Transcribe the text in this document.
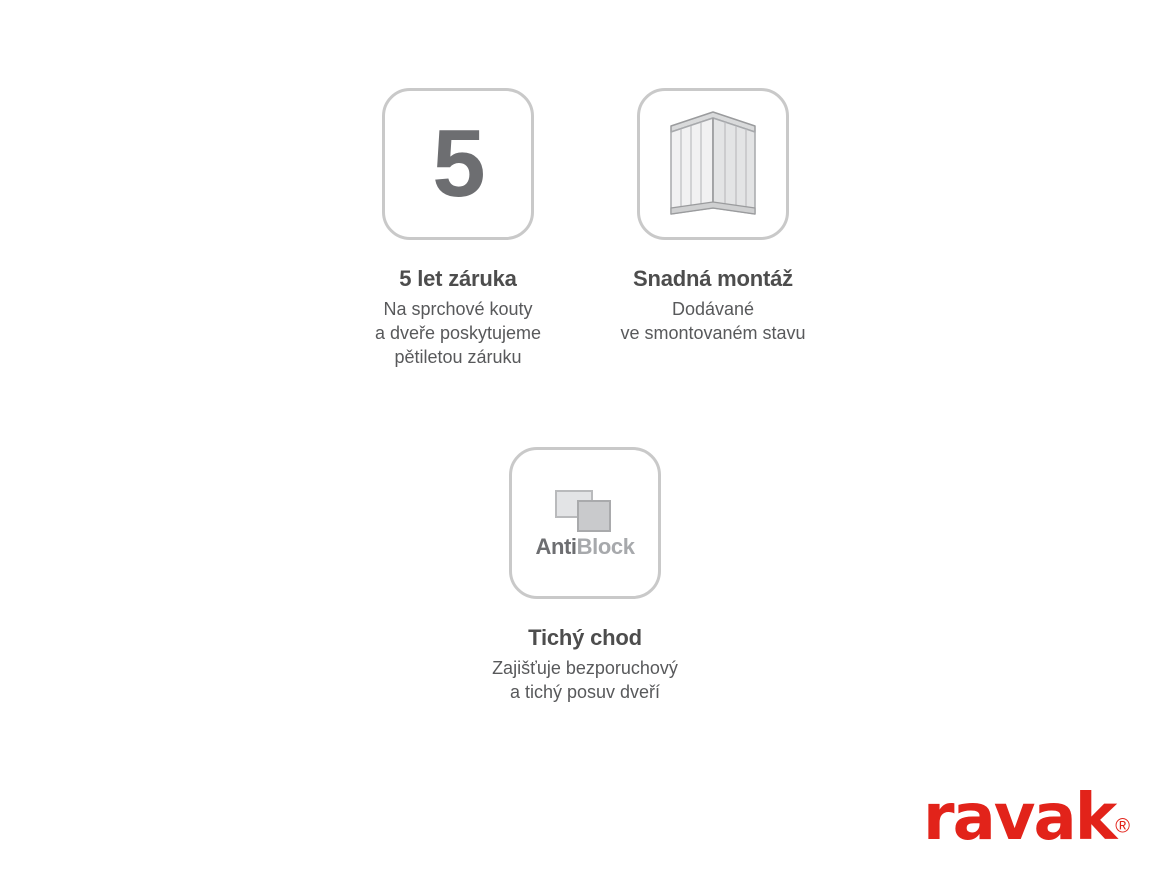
5
5 let záruka
Na sprchové kouty
a dveře poskytujeme
pětiletou záruku
Snadná montáž
Dodávané
ve smontovaném stavu
AntiBlock
Tichý chod
Zajišťuje bezporuchový
a tichý posuv dveří
ravak®
